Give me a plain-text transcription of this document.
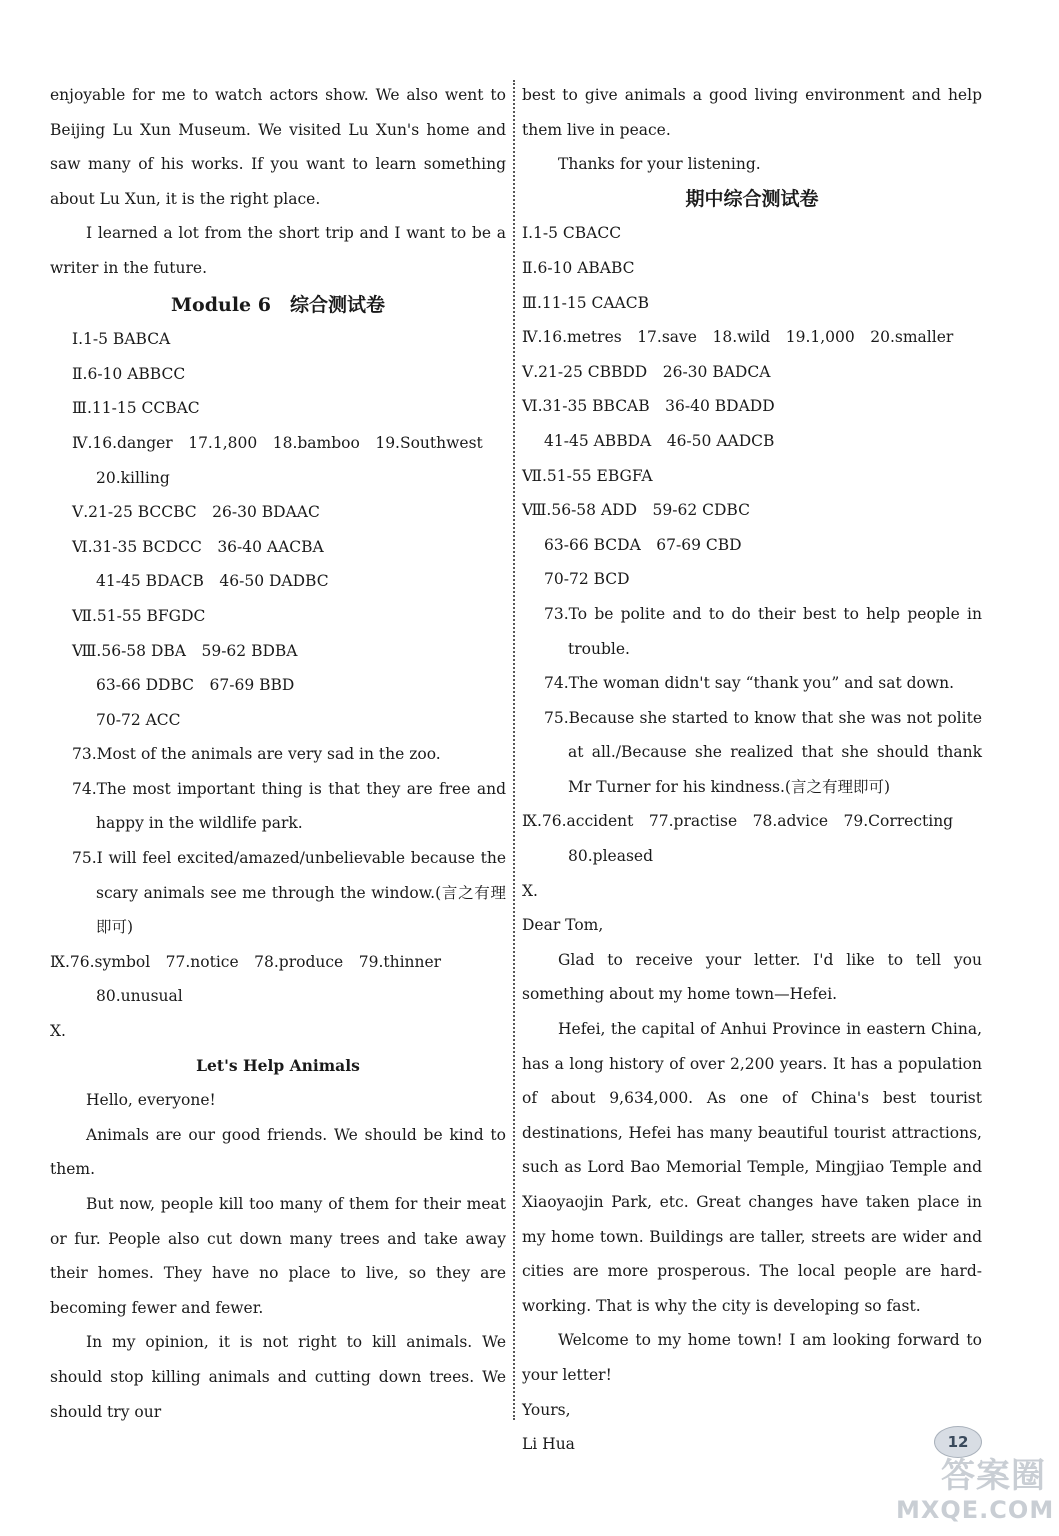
enjoyable for me to watch actors show. We also went to Beijing Lu Xun Museum. We visited Lu Xun's home and saw many of his works. If you want to learn something about Lu Xun, it is the right place.

I learned a lot from the short trip and I want to be a writer in the future.

Module 6　综合测试卷

Ⅰ.1-5 BABCA

Ⅱ.6-10 ABBCC

Ⅲ.11-15 CCBAC

Ⅳ.16.danger　17.1,800　18.bamboo　19.Southwest

20.killing

Ⅴ.21-25 BCCBC　26-30 BDAAC

Ⅵ.31-35 BCDCC　36-40 AACBA

41-45 BDACB　46-50 DADBC

Ⅶ.51-55 BFGDC

Ⅷ.56-58 DBA　59-62 BDBA

63-66 DDBC　67-69 BBD

70-72 ACC

73.Most of the animals are very sad in the zoo.

74.The most important thing is that they are free and happy in the wildlife park.

75.I will feel excited/amazed/unbelievable because the scary animals see me through the window.(言之有理即可)

Ⅸ.76.symbol　77.notice　78.produce　79.thinner

80.unusual

Ⅹ.

Let's Help Animals

Hello, everyone!

Animals are our good friends. We should be kind to them.

But now, people kill too many of them for their meat or fur. People also cut down many trees and take away their homes. They have no place to live, so they are becoming fewer and fewer.

In my opinion, it is not right to kill animals. We should stop killing animals and cutting down trees. We should try our

best to give animals a good living environment and help them live in peace.

Thanks for your listening.

期中综合测试卷

Ⅰ.1-5 CBACC

Ⅱ.6-10 ABABC

Ⅲ.11-15 CAACB

Ⅳ.16.metres　17.save　18.wild　19.1,000　20.smaller

Ⅴ.21-25 CBBDD　26-30 BADCA

Ⅵ.31-35 BBCAB　36-40 BDADD

41-45 ABBDA　46-50 AADCB

Ⅶ.51-55 EBGFA

Ⅷ.56-58 ADD　59-62 CDBC

63-66 BCDA　67-69 CBD

70-72 BCD

73.To be polite and to do their best to help people in trouble.

74.The woman didn't say “thank you” and sat down.

75.Because she started to know that she was not polite at all./Because she realized that she should thank Mr Turner for his kindness.(言之有理即可)

Ⅸ.76.accident　77.practise　78.advice　79.Correcting

80.pleased

Ⅹ.

Dear Tom,

Glad to receive your letter. I'd like to tell you something about my home town—Hefei.

Hefei, the capital of Anhui Province in eastern China, has a long history of over 2,200 years. It has a population of about 9,634,000. As one of China's best tourist destinations, Hefei has many beautiful tourist attractions, such as Lord Bao Memorial Temple, Mingjiao Temple and Xiaoyaojin Park, etc. Great changes have taken place in my home town. Buildings are taller, streets are wider and cities are more prosperous. The local people are hard-working. That is why the city is developing so fast.

Welcome to my home town! I am looking forward to your letter!

Yours,

Li Hua	12
答案圈
MXQE.COM
